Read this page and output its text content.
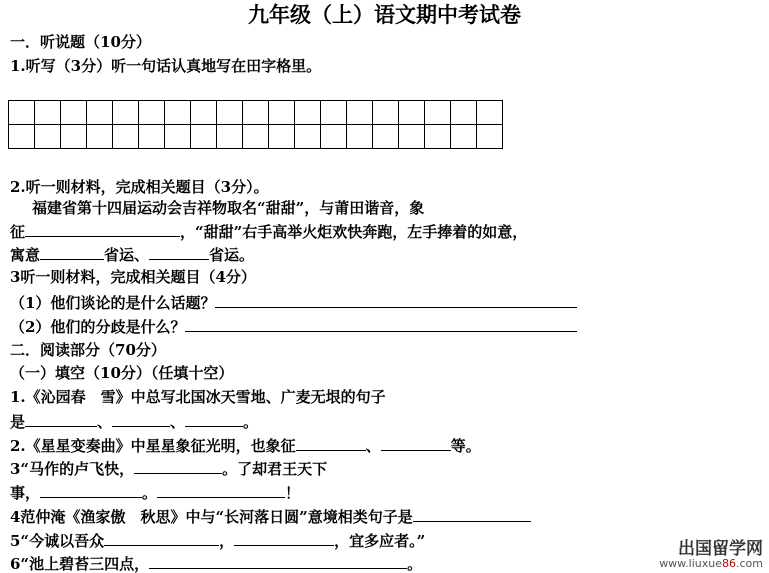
九年级（上）语文期中考试卷
一．听说题（10分）
1.听写（3分）听一句话认真地写在田字格里。

2.听一则材料，完成相关题目（3分）。
福建省第十四届运动会吉祥物取名“甜甜”，与莆田谐音，象
征	，“甜甜”右手高举火炬欢快奔跑，左手捧着的如意，
寓意	省运、	省运。
3听一则材料，完成相关题目（4分）
（1）他们谈论的是什么话题？
（2）他们的分歧是什么？
二．阅读部分（70分）
（一）填空（10分）（任填十空）
1.《沁园春　雪》中总写北国冰天雪地、广麦无垠的句子
是	、	、	。
2.《星星变奏曲》中星星象征光明，也象征	、	等。
3“马作的卢飞快，	。了却君王天下
事，	。	！
4范仲淹《渔家傲　秋思》中与“长河落日圆”意境相类句子是
5“今诚以吾众	，	，宜多应者。”
6“池上碧苔三四点，	。
出国留学网
www.liuxue86.com
